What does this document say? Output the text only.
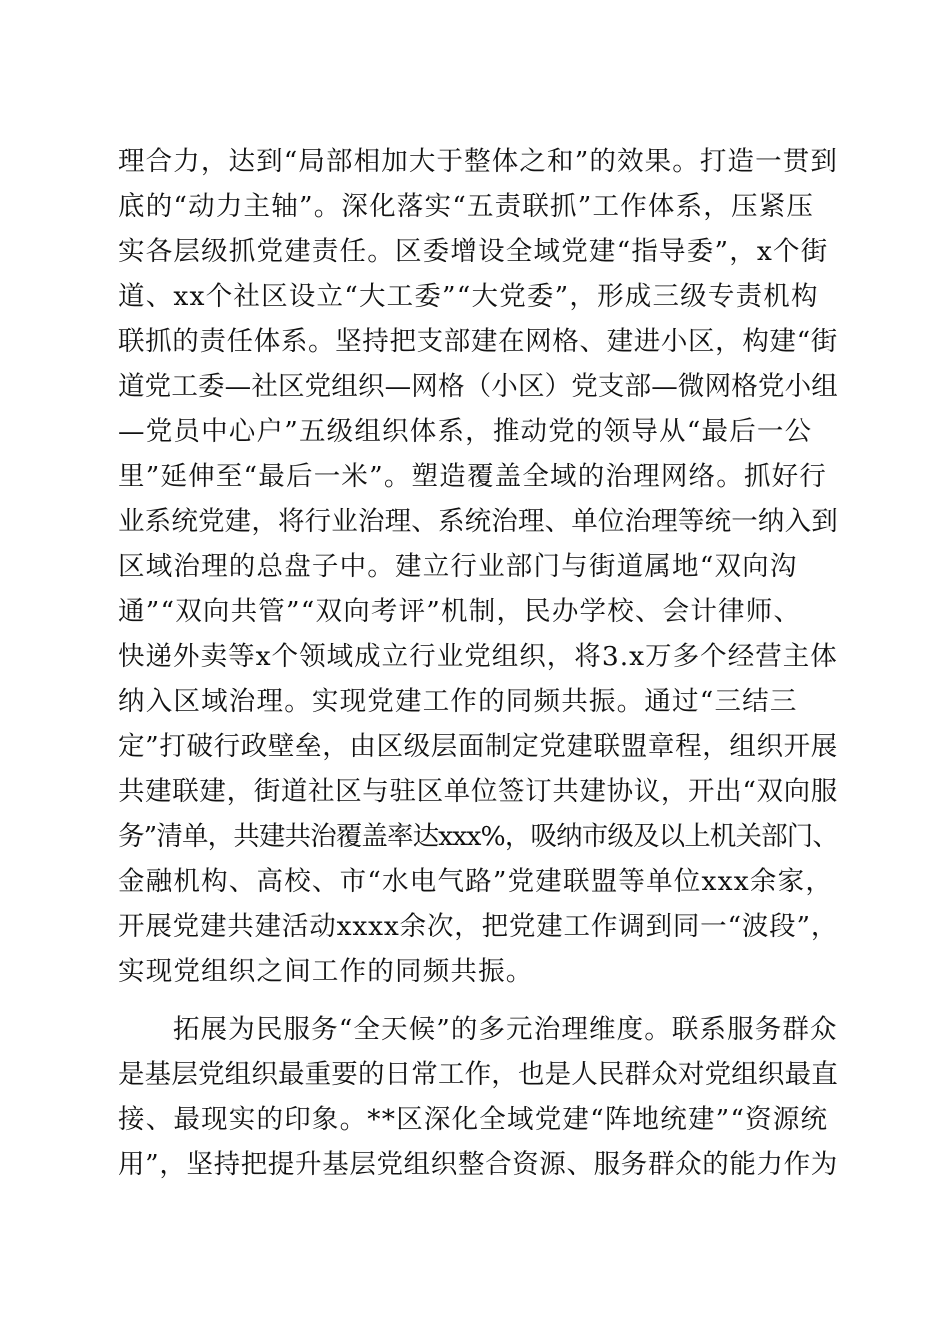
理合力，达到“局部相加大于整体之和”的效果。打造一贯到
底的“动力主轴”。深化落实“五责联抓”工作体系，压紧压
实各层级抓党建责任。区委增设全域党建“指导委”，x个街
道、xx个社区设立“大工委”“大党委”，形成三级专责机构
联抓的责任体系。坚持把支部建在网格、建进小区，构建“街
道党工委—社区党组织—网格（小区）党支部—微网格党小组
—党员中心户”五级组织体系，推动党的领导从“最后一公
里”延伸至“最后一米”。塑造覆盖全域的治理网络。抓好行
业系统党建，将行业治理、系统治理、单位治理等统一纳入到
区域治理的总盘子中。建立行业部门与街道属地“双向沟
通”“双向共管”“双向考评”机制，民办学校、会计律师、
快递外卖等x个领域成立行业党组织，将3.x万多个经营主体
纳入区域治理。实现党建工作的同频共振。通过“三结三
定”打破行政壁垒，由区级层面制定党建联盟章程，组织开展
共建联建，街道社区与驻区单位签订共建协议，开出“双向服
务”清单，共建共治覆盖率达xxx%，吸纳市级及以上机关部门、
金融机构、高校、市“水电气路”党建联盟等单位xxx余家，
开展党建共建活动xxxx余次，把党建工作调到同一“波段”，
实现党组织之间工作的同频共振。
拓展为民服务“全天候”的多元治理维度。联系服务群众
是基层党组织最重要的日常工作，也是人民群众对党组织最直
接、最现实的印象。**区深化全域党建“阵地统建”“资源统
用”，坚持把提升基层党组织整合资源、服务群众的能力作为
